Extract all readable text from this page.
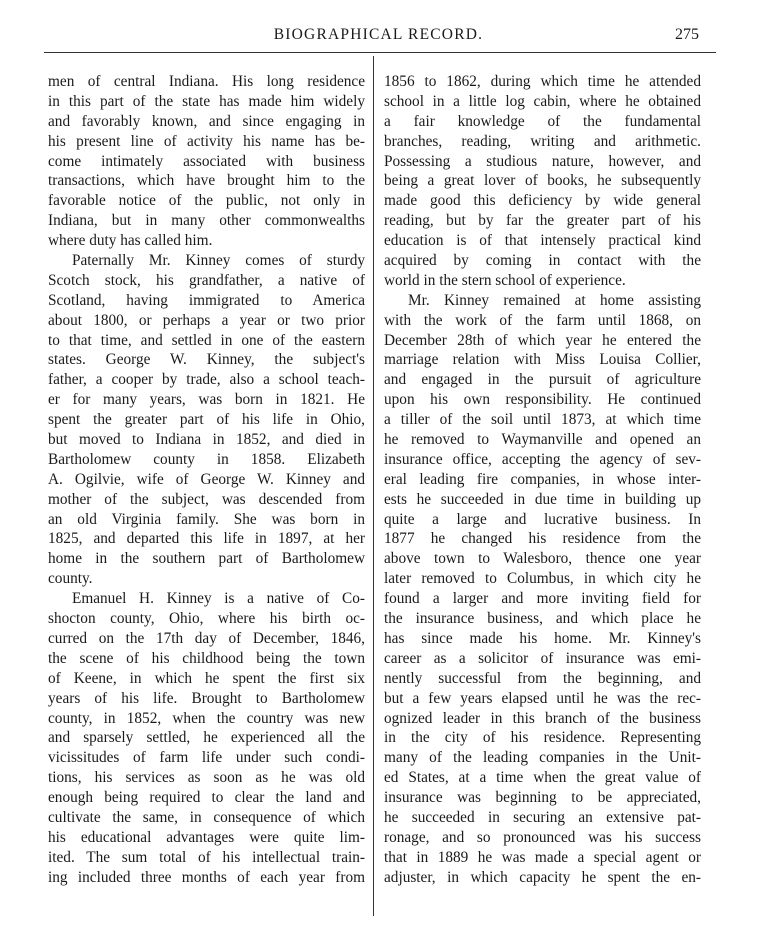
BIOGRAPHICAL RECORD.	275
men of central Indiana. His long residence
in this part of the state has made him widely
and favorably known, and since engaging in
his present line of activity his name has be-
come intimately associated with business
transactions, which have brought him to the
favorable notice of the public, not only in
Indiana, but in many other commonwealths
where duty has called him.
Paternally Mr. Kinney comes of sturdy
Scotch stock, his grandfather, a native of
Scotland, having immigrated to America
about 1800, or perhaps a year or two prior
to that time, and settled in one of the eastern
states. George W. Kinney, the subject's
father, a cooper by trade, also a school teach-
er for many years, was born in 1821. He
spent the greater part of his life in Ohio,
but moved to Indiana in 1852, and died in
Bartholomew county in 1858. Elizabeth
A. Ogilvie, wife of George W. Kinney and
mother of the subject, was descended from
an old Virginia family. She was born in
1825, and departed this life in 1897, at her
home in the southern part of Bartholomew
county.
Emanuel H. Kinney is a native of Co-
shocton county, Ohio, where his birth oc-
curred on the 17th day of December, 1846,
the scene of his childhood being the town
of Keene, in which he spent the first six
years of his life. Brought to Bartholomew
county, in 1852, when the country was new
and sparsely settled, he experienced all the
vicissitudes of farm life under such condi-
tions, his services as soon as he was old
enough being required to clear the land and
cultivate the same, in consequence of which
his educational advantages were quite lim-
ited. The sum total of his intellectual train-
ing included three months of each year from
1856 to 1862, during which time he attended
school in a little log cabin, where he obtained
a fair knowledge of the fundamental
branches, reading, writing and arithmetic.
Possessing a studious nature, however, and
being a great lover of books, he subsequently
made good this deficiency by wide general
reading, but by far the greater part of his
education is of that intensely practical kind
acquired by coming in contact with the
world in the stern school of experience.
Mr. Kinney remained at home assisting
with the work of the farm until 1868, on
December 28th of which year he entered the
marriage relation with Miss Louisa Collier,
and engaged in the pursuit of agriculture
upon his own responsibility. He continued
a tiller of the soil until 1873, at which time
he removed to Waymanville and opened an
insurance office, accepting the agency of sev-
eral leading fire companies, in whose inter-
ests he succeeded in due time in building up
quite a large and lucrative business. In
1877 he changed his residence from the
above town to Walesboro, thence one year
later removed to Columbus, in which city he
found a larger and more inviting field for
the insurance business, and which place he
has since made his home. Mr. Kinney's
career as a solicitor of insurance was emi-
nently successful from the beginning, and
but a few years elapsed until he was the rec-
ognized leader in this branch of the business
in the city of his residence. Representing
many of the leading companies in the Unit-
ed States, at a time when the great value of
insurance was beginning to be appreciated,
he succeeded in securing an extensive pat-
ronage, and so pronounced was his success
that in 1889 he was made a special agent or
adjuster, in which capacity he spent the en-
